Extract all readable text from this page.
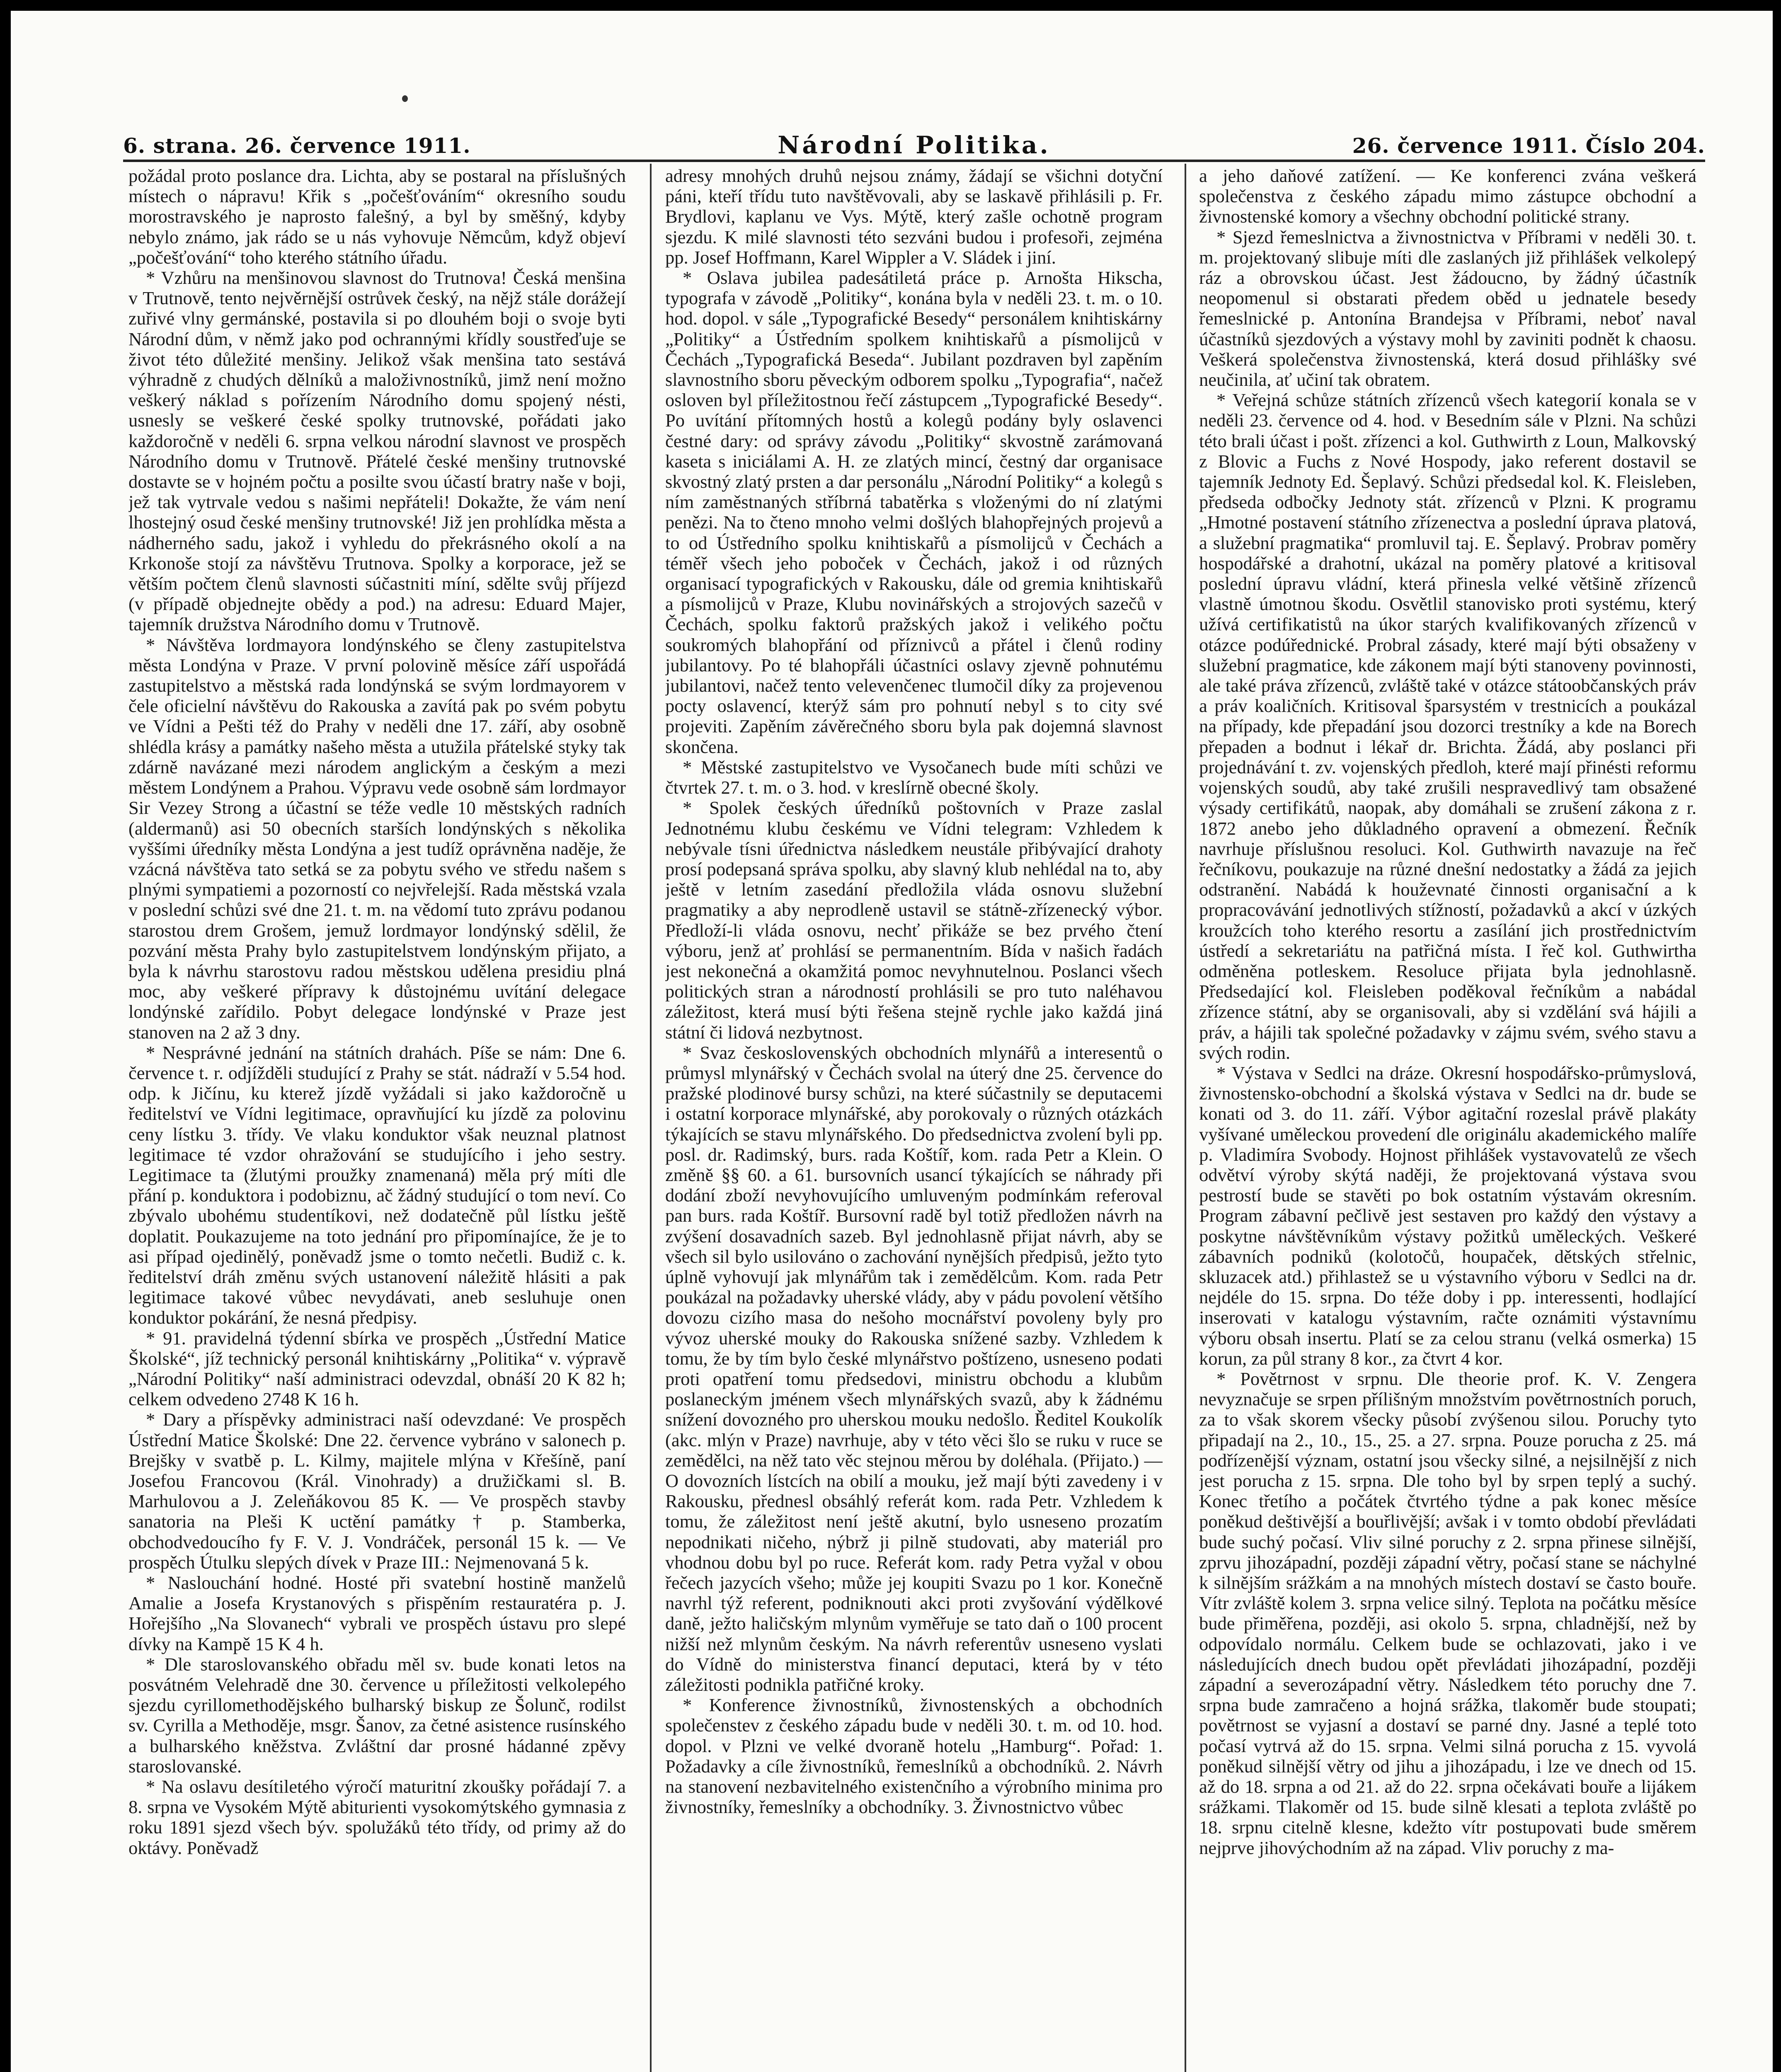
6. strana. 26. července 1911.	Národní Politika.	26. července 1911. Číslo 204.

požádal proto poslance dra. Lichta, aby se postaral na příslušných místech o nápravu! Křik s „počešťováním“ okresního soudu morostravského je naprosto falešný, a byl by směšný, kdyby nebylo známo, jak rádo se u nás vyhovuje Němcům, když objeví „počešťování“ toho kterého státního úřadu.

* Vzhůru na menšinovou slavnost do Trutnova! Česká menšina v Trutnově, tento nejvěrnější ostrůvek český, na nějž stále dorážejí zuřivé vlny germánské, postavila si po dlouhém boji o svoje byti Národní dům, v němž jako pod ochrannými křídly soustřeďuje se život této důležité menšiny. Jelikož však menšina tato sestává výhradně z chudých dělníků a maloživnostníků, jimž není možno veškerý náklad s pořízením Národního domu spojený nésti, usnesly se veškeré české spolky trutnovské, pořádati jako každoročně v neděli 6. srpna velkou národní slavnost ve prospěch Národního domu v Trutnově. Přátelé české menšiny trutnovské dostavte se v hojném počtu a posilte svou účastí bratry naše v boji, jež tak vytrvale vedou s našimi nepřáteli! Dokažte, že vám není lhostejný osud české menšiny trutnovské! Již jen prohlídka města a nádherného sadu, jakož i vyhledu do překrásného okolí a na Krkonoše stojí za návštěvu Trutnova. Spolky a korporace, jež se větším počtem členů slavnosti súčastniti míní, sdělte svůj příjezd (v případě objednejte obědy a pod.) na adresu: Eduard Majer, tajemník družstva Národního domu v Trutnově.

* Návštěva lordmayora londýnského se členy zastupitelstva města Londýna v Praze. V první polovině měsíce září uspořádá zastupitelstvo a městská rada londýnská se svým lordmayorem v čele oficielní návštěvu do Rakouska a zavítá pak po svém pobytu ve Vídni a Pešti též do Prahy v neděli dne 17. září, aby osobně shlédla krásy a památky našeho města a utužila přátelské styky tak zdárně navázané mezi národem anglickým a českým a mezi městem Londýnem a Prahou. Výpravu vede osobně sám lordmayor Sir Vezey Strong a účastní se téže vedle 10 městských radních (aldermanů) asi 50 obecních starších londýnských s několika vyššími úředníky města Londýna a jest tudíž oprávněna naděje, že vzácná návštěva tato setká se za pobytu svého ve středu našem s plnými sympatiemi a pozorností co nejvřelejší. Rada městská vzala v poslední schůzi své dne 21. t. m. na vědomí tuto zprávu podanou starostou drem Grošem, jemuž lordmayor londýnský sdělil, že pozvání města Prahy bylo zastupitelstvem londýnským přijato, a byla k návrhu starostovu radou městskou udělena presidiu plná moc, aby veškeré přípravy k důstojnému uvítání delegace londýnské zařídilo. Pobyt delegace londýnské v Praze jest stanoven na 2 až 3 dny.

* Nesprávné jednání na státních drahách. Píše se nám: Dne 6. července t. r. odjížděli studující z Prahy se stát. nádraží v 5.54 hod. odp. k Jičínu, ku kterež jízdě vyžádali si jako každoročně u ředitelství ve Vídni legitimace, opravňující ku jízdě za polovinu ceny lístku 3. třídy. Ve vlaku konduktor však neuznal platnost legitimace té vzdor ohražování se studujícího i jeho sestry. Legitimace ta (žlutými proužky znamenaná) měla prý míti dle přání p. konduktora i podobiznu, ač žádný studující o tom neví. Co zbývalo ubohému studentíkovi, než dodatečně půl lístku ještě doplatit. Poukazujeme na toto jednání pro připomínajíce, že je to asi případ ojedinělý, poněvadž jsme o tomto nečetli. Budiž c. k. ředitelství dráh změnu svých ustanovení náležitě hlásiti a pak legitimace takové vůbec nevydávati, aneb sesluhuje onen konduktor pokárání, že nesná předpisy.

* 91. pravidelná týdenní sbírka ve prospěch „Ústřední Matice Školské“, jíž technický personál knihtiskárny „Politika“ v. výpravě „Národní Politiky“ naší administraci odevzdal, obnáší 20 K 82 h; celkem odvedeno 2748 K 16 h.

* Dary a příspěvky administraci naší odevzdané: Ve prospěch Ústřední Matice Školské: Dne 22. července vybráno v salonech p. Brejšky v svatbě p. L. Kilmy, majitele mlýna v Křešíně, paní Josefou Francovou (Král. Vinohrady) a družičkami sl. B. Marhulovou a J. Zeleňákovou 85 K. — Ve prospěch stavby sanatoria na Pleši K uctění památky † p. Stamberka, obchodvedoucího fy F. V. J. Vondráček, personál 15 k. — Ve prospěch Útulku slepých dívek v Praze III.: Nejmenovaná 5 k.

* Naslouchání hodné. Hosté při svatební hostině manželů Amalie a Josefa Krystanových s přispěním restauratéra p. J. Hořejšího „Na Slovanech“ vybrali ve prospěch ústavu pro slepé dívky na Kampě 15 K 4 h.

* Dle staroslovanského obřadu měl sv. bude konati letos na posvátném Velehradě dne 30. července u příležitosti velkolepého sjezdu cyrillomethodějského bulharský biskup ze Šolunč, rodilst sv. Cyrilla a Methoděje, msgr. Šanov, za četné asistence rusínského a bulharského kněžstva. Zvláštní dar prosné hádanné zpěvy staroslovanské.

* Na oslavu desítiletého výročí maturitní zkoušky pořádají 7. a 8. srpna ve Vysokém Mýtě abiturienti vysokomýtského gymnasia z roku 1891 sjezd všech býv. spolužáků této třídy, od primy až do oktávy. Poněvadž

adresy mnohých druhů nejsou známy, žádají se všichni dotyční páni, kteří třídu tuto navštěvovali, aby se laskavě přihlásili p. Fr. Brydlovi, kaplanu ve Vys. Mýtě, který zašle ochotně program sjezdu. K milé slavnosti této sezváni budou i profesoři, zejména pp. Josef Hoffmann, Karel Wippler a V. Sládek i jiní.

* Oslava jubilea padesátiletá práce p. Arnošta Hikscha, typografa v závodě „Politiky“, konána byla v neděli 23. t. m. o 10. hod. dopol. v sále „Typografické Besedy“ personálem knihtiskárny „Politiky“ a Ústředním spolkem knihtiskařů a písmolijců v Čechách „Typografická Beseda“. Jubilant pozdraven byl zapěním slavnostního sboru pěveckým odborem spolku „Typografia“, načež osloven byl příležitostnou řečí zástupcem „Typografické Besedy“. Po uvítání přítomných hostů a kolegů podány byly oslavenci čestné dary: od správy závodu „Politiky“ skvostně zarámovaná kaseta s iniciálami A. H. ze zlatých mincí, čestný dar organisace skvostný zlatý prsten a dar personálu „Národní Politiky“ a kolegů s ním zaměstnaných stříbrná tabatěrka s vloženými do ní zlatými penězi. Na to čteno mnoho velmi došlých blahopřejných projevů a to od Ústředního spolku knihtiskařů a písmolijců v Čechách a téměř všech jeho poboček v Čechách, jakož i od různých organisací typografických v Rakousku, dále od gremia knihtiskařů a písmolijců v Praze, Klubu novinářských a strojových sazečů v Čechách, spolku faktorů pražských jakož i velikého počtu soukromých blahopřání od příznivců a přátel i členů rodiny jubilantovy. Po té blahopřáli účastníci oslavy zjevně pohnutému jubilantovi, načež tento velevenčenec tlumočil díky za projevenou pocty oslavencí, kterýž sám pro pohnutí nebyl s to city své projeviti. Zapěním závěrečného sboru byla pak dojemná slavnost skončena.

* Městské zastupitelstvo ve Vysočanech bude míti schůzi ve čtvrtek 27. t. m. o 3. hod. v kreslírně obecné školy.

* Spolek českých úředníků poštovních v Praze zaslal Jednotnému klubu českému ve Vídni telegram: Vzhledem k nebývale tísni úřednictva následkem neustále přibývající drahoty prosí podepsaná správa spolku, aby slavný klub nehlédal na to, aby ještě v letním zasedání předložila vláda osnovu služební pragmatiky a aby neprodleně ustavil se státně-zřízenecký výbor. Předloží-li vláda osnovu, nechť přikáže se bez prvého čtení výboru, jenž ať prohlásí se permanentním. Bída v našich řadách jest nekonečná a okamžitá pomoc nevyhnutelnou. Poslanci všech politických stran a národností prohlásili se pro tuto naléhavou záležitost, která musí býti řešena stejně rychle jako každá jiná státní či lidová nezbytnost.

* Svaz československých obchodních mlynářů a interesentů o průmysl mlynářský v Čechách svolal na úterý dne 25. července do pražské plodinové bursy schůzi, na které súčastnily se deputacemi i ostatní korporace mlynářské, aby porokovaly o různých otázkách týkajících se stavu mlynářského. Do předsednictva zvolení byli pp. posl. dr. Radimský, burs. rada Koštíř, kom. rada Petr a Klein. O změně §§ 60. a 61. bursovních usancí týkajících se náhrady při dodání zboží nevyhovujícího umluveným podmínkám referoval pan burs. rada Koštíř. Bursovní radě byl totiž předložen návrh na zvýšení dosavadních sazeb. Byl jednohlasně přijat návrh, aby se všech sil bylo usilováno o zachování nynějších předpisů, ježto tyto úplně vyhovují jak mlynářům tak i zemědělcům. Kom. rada Petr poukázal na požadavky uherské vlády, aby v pádu povolení většího dovozu cizího masa do nešoho mocnářství povoleny byly pro vývoz uherské mouky do Rakouska snížené sazby. Vzhledem k tomu, že by tím bylo české mlynářstvo poštízeno, usneseno podati proti opatření tomu předsedovi, ministru obchodu a klubům poslaneckým jménem všech mlynářských svazů, aby k žádnému snížení dovozného pro uherskou mouku nedošlo. Ředitel Koukolík (akc. mlýn v Praze) navrhuje, aby v této věci šlo se ruku v ruce se zemědělci, na něž tato věc stejnou měrou by doléhala. (Přijato.) — O dovozních lístcích na obilí a mouku, jež mají býti zavedeny i v Rakousku, přednesl obsáhlý referát kom. rada Petr. Vzhledem k tomu, že záležitost není ještě akutní, bylo usneseno prozatím nepodnikati ničeho, nýbrž ji pilně studovati, aby materiál pro vhodnou dobu byl po ruce. Referát kom. rady Petra vyžal v obou řečech jazycích všeho; může jej koupiti Svazu po 1 kor. Konečně navrhl týž referent, podniknouti akci proti zvyšování výdělkové daně, ježto haličským mlynům vyměřuje se tato daň o 100 procent nižší než mlynům českým. Na návrh referentův usneseno vyslati do Vídně do ministerstva financí deputaci, která by v této záležitosti podnikla patřičné kroky.

* Konference živnostníků, živnostenských a obchodních společenstev z českého západu bude v neděli 30. t. m. od 10. hod. dopol. v Plzni ve velké dvoraně hotelu „Hamburg“. Pořad: 1. Požadavky a cíle živnostníků, řemeslníků a obchodníků. 2. Návrh na stanovení nezbavitelného existenčního a výrobního minima pro živnostníky, řemeslníky a obchodníky. 3. Živnostnictvo vůbec

a jeho daňové zatížení. — Ke konferenci zvána veškerá společenstva z českého západu mimo zástupce obchodní a živnostenské komory a všechny obchodní politické strany.

* Sjezd řemeslnictva a živnostnictva v Příbrami v neděli 30. t. m. projektovaný slibuje míti dle zaslaných již přihlášek velkolepý ráz a obrovskou účast. Jest žádoucno, by žádný účastník neopomenul si obstarati předem oběd u jednatele besedy řemeslnické p. Antonína Brandejsa v Příbrami, neboť naval účastníků sjezdových a výstavy mohl by zaviniti podnět k chaosu. Veškerá společenstva živnostenská, která dosud přihlášky své neučinila, ať učiní tak obratem.

* Veřejná schůze státních zřízenců všech kategorií konala se v neděli 23. července od 4. hod. v Besedním sále v Plzni. Na schůzi této brali účast i pošt. zřízenci a kol. Guthwirth z Loun, Malkovský z Blovic a Fuchs z Nové Hospody, jako referent dostavil se tajemník Jednoty Ed. Šeplavý. Schůzi předsedal kol. K. Fleisleben, předseda odbočky Jednoty stát. zřízenců v Plzni. K programu „Hmotné postavení státního zřízenectva a poslední úprava platová, a služební pragmatika“ promluvil taj. E. Šeplavý. Probrav poměry hospodářské a drahotní, ukázal na poměry platové a kritisoval poslední úpravu vládní, která přinesla velké většině zřízenců vlastně úmotnou škodu. Osvětlil stanovisko proti systému, který užívá certifikatistů na úkor starých kvalifikovaných zřízenců v otázce podúřednické. Probral zásady, které mají býti obsaženy v služební pragmatice, kde zákonem mají býti stanoveny povinnosti, ale také práva zřízenců, zvláště také v otázce státoobčanských práv a práv koaličních. Kritisoval šparsystém v trestnicích a poukázal na případy, kde přepadání jsou dozorci trestníky a kde na Borech přepaden a bodnut i lékař dr. Brichta. Žádá, aby poslanci při projednávání t. zv. vojenských předloh, které mají přinésti reformu vojenských soudů, aby také zrušili nespravedlivý tam obsažené výsady certifikátů, naopak, aby domáhali se zrušení zákona z r. 1872 anebo jeho důkladného opravení a obmezení. Řečník navrhuje příslušnou resoluci. Kol. Guthwirth navazuje na řeč řečníkovu, poukazuje na různé dnešní nedostatky a žádá za jejich odstranění. Nabádá k houževnaté činnosti organisační a k propracovávání jednotlivých stížností, požadavků a akcí v úzkých kroužcích toho kterého resortu a zasílání jich prostřednictvím ústředí a sekretariátu na patřičná místa. I řeč kol. Guthwirtha odměněna potleskem. Resoluce přijata byla jednohlasně. Předsedající kol. Fleisleben poděkoval řečníkům a nabádal zřízence státní, aby se organisovali, aby si vzdělání svá hájili a práv, a hájili tak společné požadavky v zájmu svém, svého stavu a svých rodin.

* Výstava v Sedlci na dráze. Okresní hospodářsko-průmyslová, živnostensko-obchodní a školská výstava v Sedlci na dr. bude se konati od 3. do 11. září. Výbor agitační rozeslal právě plakáty vyšívané uměleckou provedení dle originálu akademického malíře p. Vladimíra Svobody. Hojnost přihlášek vystavovatelů ze všech odvětví výroby skýtá naději, že projektovaná výstava svou pestrostí bude se stavěti po bok ostatním výstavám okresním. Program zábavní pečlivě jest sestaven pro každý den výstavy a poskytne návštěvníkům výstavy požitků uměleckých. Veškeré zábavních podniků (kolotočů, houpaček, dětských střelnic, skluzacek atd.) přihlastež se u výstavního výboru v Sedlci na dr. nejdéle do 15. srpna. Do téže doby i pp. interessenti, hodlající inserovati v katalogu výstavním, račte oznámiti výstavnímu výboru obsah insertu. Platí se za celou stranu (velká osmerka) 15 korun, za půl strany 8 kor., za čtvrt 4 kor.

* Povětrnost v srpnu. Dle theorie prof. K. V. Zengera nevyznačuje se srpen přílišným množstvím povětrnostních poruch, za to však skorem všecky působí zvýšenou silou. Poruchy tyto připadají na 2., 10., 15., 25. a 27. srpna. Pouze porucha z 25. má podřízenější význam, ostatní jsou všecky silné, a nejsilnější z nich jest porucha z 15. srpna. Dle toho byl by srpen teplý a suchý. Konec třetího a počátek čtvrtého týdne a pak konec měsíce poněkud deštivější a bouřlivější; avšak i v tomto období převládati bude suchý počasí. Vliv silné poruchy z 2. srpna přinese silnější, zprvu jihozápadní, později západní větry, počasí stane se náchylné k silnějším srážkám a na mnohých místech dostaví se často bouře. Vítr zvláště kolem 3. srpna velice silný. Teplota na počátku měsíce bude přiměřena, později, asi okolo 5. srpna, chladnější, než by odpovídalo normálu. Celkem bude se ochlazovati, jako i ve následujících dnech budou opět převládati jihozápadní, později západní a severozápadní větry. Následkem této poruchy dne 7. srpna bude zamračeno a hojná srážka, tlakoměr bude stoupati; povětrnost se vyjasní a dostaví se parné dny. Jasné a teplé toto počasí vytrvá až do 15. srpna. Velmi silná porucha z 15. vyvolá poněkud silnější větry od jihu a jihozápadu, i lze ve dnech od 15. až do 18. srpna a od 21. až do 22. srpna očekávati bouře a lijákem srážkami. Tlakoměr od 15. bude silně klesati a teplota zvláště po 18. srpnu citelně klesne, kdežto vítr postupovati bude směrem nejprve jihovýchodním až na západ. Vliv poruchy z ma-
